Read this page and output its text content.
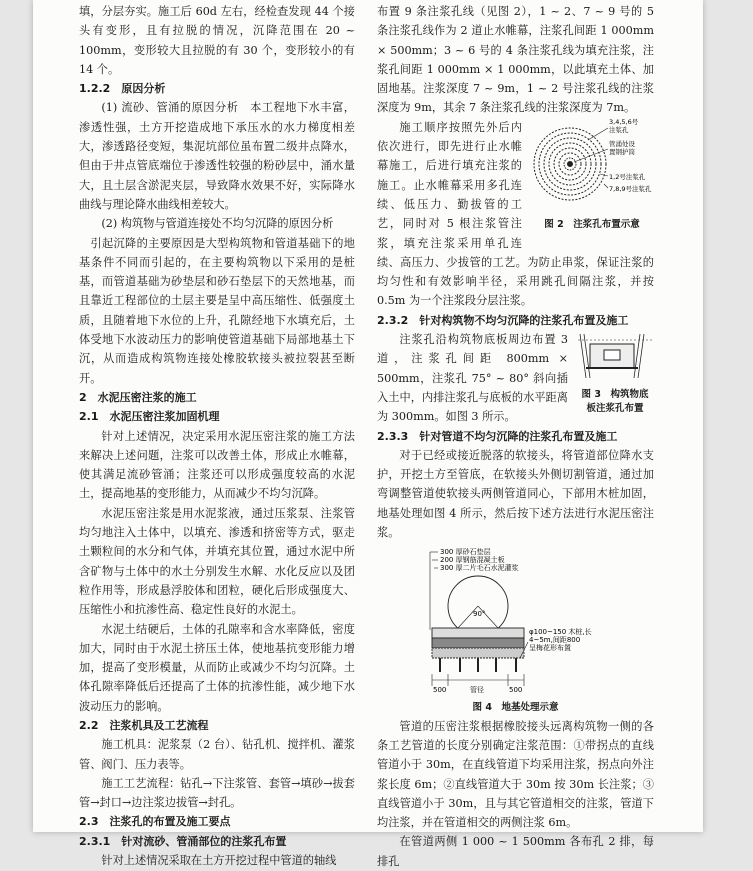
填，分层夯实。施工后 60d 左右，经检查发现 44 个接头有变形，且有拉脱的情况，沉降范围在 20 ~ 100mm，变形较大且拉脱的有 30 个，变形较小的有 14 个。

1.2.2　原因分析

(1) 流砂、管涌的原因分析　本工程地下水丰富，渗透性强，土方开挖造成地下承压水的水力梯度相差大，渗透路径变短，集泥坑部位虽布置二级井点降水，但由于井点管底端位于渗透性较强的粉砂层中，涌水量大，且土层含淤泥夹层，导致降水效果不好，实际降水曲线与理论降水曲线相差较大。

(2) 构筑物与管道连接处不均匀沉降的原因分析

　引起沉降的主要原因是大型构筑物和管道基础下的地基条件不同而引起的，在主要构筑物以下采用的是桩基，而管道基础为砂垫层和砂石垫层下的天然地基，而且靠近工程部位的土层主要是呈中高压缩性、低强度土质，且随着地下水位的上升，孔隙经地下水填充后，土体受地下水波动压力的影响使管道基础下局部地基土下沉，从而造成构筑物连接处橡胶软接头被拉裂甚至断开。

2　水泥压密注浆的施工
2.1　水泥压密注浆加固机理

针对上述情况，决定采用水泥压密注浆的施工方法来解决上述问题，注浆可以改善土体，形成止水帷幕，使其满足流砂管涌；注浆还可以形成强度较高的水泥土，提高地基的变形能力，从而减少不均匀沉降。

水泥压密注浆是用水泥浆液，通过压浆泵、注浆管均匀地注入土体中，以填充、渗透和挤密等方式，驱走土颗粒间的水分和气体，并填充其位置，通过水泥中所含矿物与土体中的水土分别发生水解、水化反应以及团粒作用等，形成悬浮胶体和团粒，硬化后形成强度大、压缩性小和抗渗性高、稳定性良好的水泥土。

水泥土结硬后，土体的孔隙率和含水率降低，密度加大，同时由于水泥土挤压土体，使地基抗变形能力增加，提高了变形模量，从而防止或减少不均匀沉降。土体孔隙率降低后还提高了土体的抗渗性能，减少地下水波动压力的影响。

2.2　注浆机具及工艺流程

施工机具：泥浆泵（2 台）、钻孔机、搅拌机、灌浆管、阀门、压力表等。

施工工艺流程：钻孔→下注浆管、套管→填砂→拔套管→封口→边注浆边拔管→封孔。

2.3　注浆孔的布置及施工要点
2.3.1　针对流砂、管涌部位的注浆孔布置

针对上述情况采取在土方开挖过程中管道的轴线

布置 9 条注浆孔线（见图 2），1 ~ 2、7 ~ 9 号的 5 条注浆孔线作为 2 道止水帷幕，注浆孔间距 1 000mm × 500mm；3 ~ 6 号的 4 条注浆孔线为填充注浆，注浆孔间距 1 000mm × 1 000mm，以此填充土体、加固地基。注浆深度 7 ~ 9m，1 ~ 2 号注浆孔线的注浆深度为 9m，其余 7 条注浆孔线的注浆深度为 7m。

3,4,5,6号
注浆孔
管涌处设
置钢护筒
1,2号注浆孔
7,8,9号注浆孔
图 2　注浆孔布置示意

施工顺序按照先外后内依次进行，即先进行止水帷幕施工，后进行填充注浆的施工。止水帷幕采用多孔连续、低压力、勤拔管的工艺，同时对 5 根注浆管注浆，填充注浆采用单孔连续、高压力、少拔管的工艺。为防止串浆，保证注浆的均匀性和有效影响半径，采用跳孔间隔注浆，并按 0.5m 为一个注浆段分层注浆。

2.3.2　针对构筑物不均匀沉降的注浆孔布置及施工
图 3　构筑物底
板注浆孔布置

注浆孔沿构筑物底板周边布置 3 道，注浆孔间距 800mm × 500mm，注浆孔 75° ~ 80° 斜向插入土中，内排注浆孔与底板的水平距离为 300mm。如图 3 所示。

2.3.3　针对管道不均匀沉降的注浆孔布置及施工

对于已经或接近脱落的软接头，将管道部位降水支护，开挖土方至管底，在软接头外侧切割管道，通过加弯调整管道使软接头两侧管道同心，下部用木桩加固，地基处理如图 4 所示，然后按下述方法进行水泥压密注浆。

300 厚砂石垫层
200 厚钢筋混凝土板
300 厚二片毛石水泥灌浆
90°
φ100~150 木桩,长
4~5m,间距800
呈梅花形布置
500	管径	500
图 4　地基处理示意

管道的压密注浆根据橡胶接头远离构筑物一侧的各条工艺管道的长度分别确定注浆范围：①带拐点的直线管道小于 30m，在直线管道下均采用注浆，拐点向外注浆长度 6m；②直线管道大于 30m 按 30m 长注浆；③直线管道小于 30m，且与其它管道相交的注浆，管道下均注浆，并在管道相交的两侧注浆 6m。

在管道两侧 1 000 ~ 1 500mm 各布孔 2 排，每排孔
